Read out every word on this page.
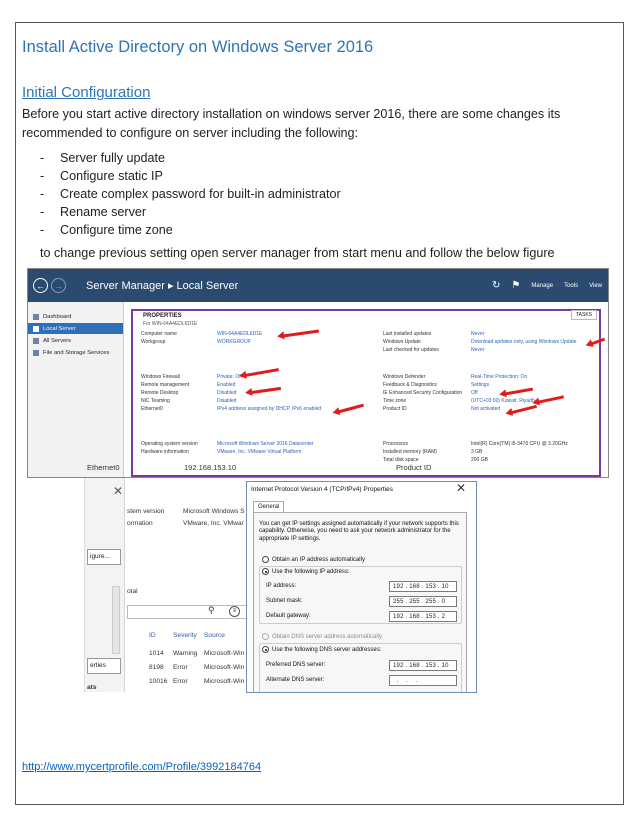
Install Active Directory on Windows Server 2016
Initial Configuration
Before you start active directory installation on windows server 2016, there are some changes its
recommended to configure on server including the following:
-	Server fully update
-	Configure static IP
-	Create complex password for built-in administrator
-	Rename server
-	Configure time zone
to change previous setting open server manager from start menu and follow the below figure
←	→ Server Manager ▸ Local Server	↻ ⚑ Manage Tools View
Dashboard
Local Server
All Servers
File and Storage Services
PROPERTIES
For WIN-64A4EDL6D1E
TASKS
Computer name	WIN-64A4EDL6D1E
Workgroup	WORKGROUP
Windows Firewall	Private: Off
Remote management	Enabled
Remote Desktop	Disabled
NIC Teaming	Disabled
Ethernet0	IPv4 address assigned by DHCP, IPv6 enabled
Operating system version	Microsoft Windows Server 2016 Datacenter
Hardware information	VMware, Inc. VMware Virtual Platform
Last installed updates	Never
Windows Update	Download updates only, using Windows Update
Last checked for updates	Never
Windows Defender	Real-Time Protection: On
Feedback & Diagnostics	Settings
IE Enhanced Security Configuration Off
Time zone	(UTC+03:00) Kuwait, Riyadh
Product ID	Not activated
Processors	Intel(R) Core(TM) i5-3470 CPU @ 3.20GHz
Installed memory (RAM)	3 GB
Total disk space	200 GB
Ethernet0	192.168.153.10	Product ID
✕
stem version	Microsoft Windows S
ormation	VMware, Inc. VMwar
igure...
otal
⚲	≡
ID	Severity Source
1014 Warning Microsoft-Win
8198 Error Microsoft-Win
10016 Error Microsoft-Win
erties
ats
Internet Protocol Version 4 (TCP/IPv4) Properties	✕
General
You can get IP settings assigned automatically if your network supports this capability. Otherwise, you need to ask your network administrator for the appropriate IP settings.
Obtain an IP address automatically
Use the following IP address:
IP address:	192 . 168 . 153 . 10
Subnet mask:	255 . 255 . 255 . 0
Default gateway:	192 . 168 . 153 . 2
Obtain DNS server address automatically
Use the following DNS server addresses:
Preferred DNS server:	192 . 168 . 153 . 10
Alternate DNS server:	.    .    .
http://www.mycertprofile.com/Profile/3992184764
